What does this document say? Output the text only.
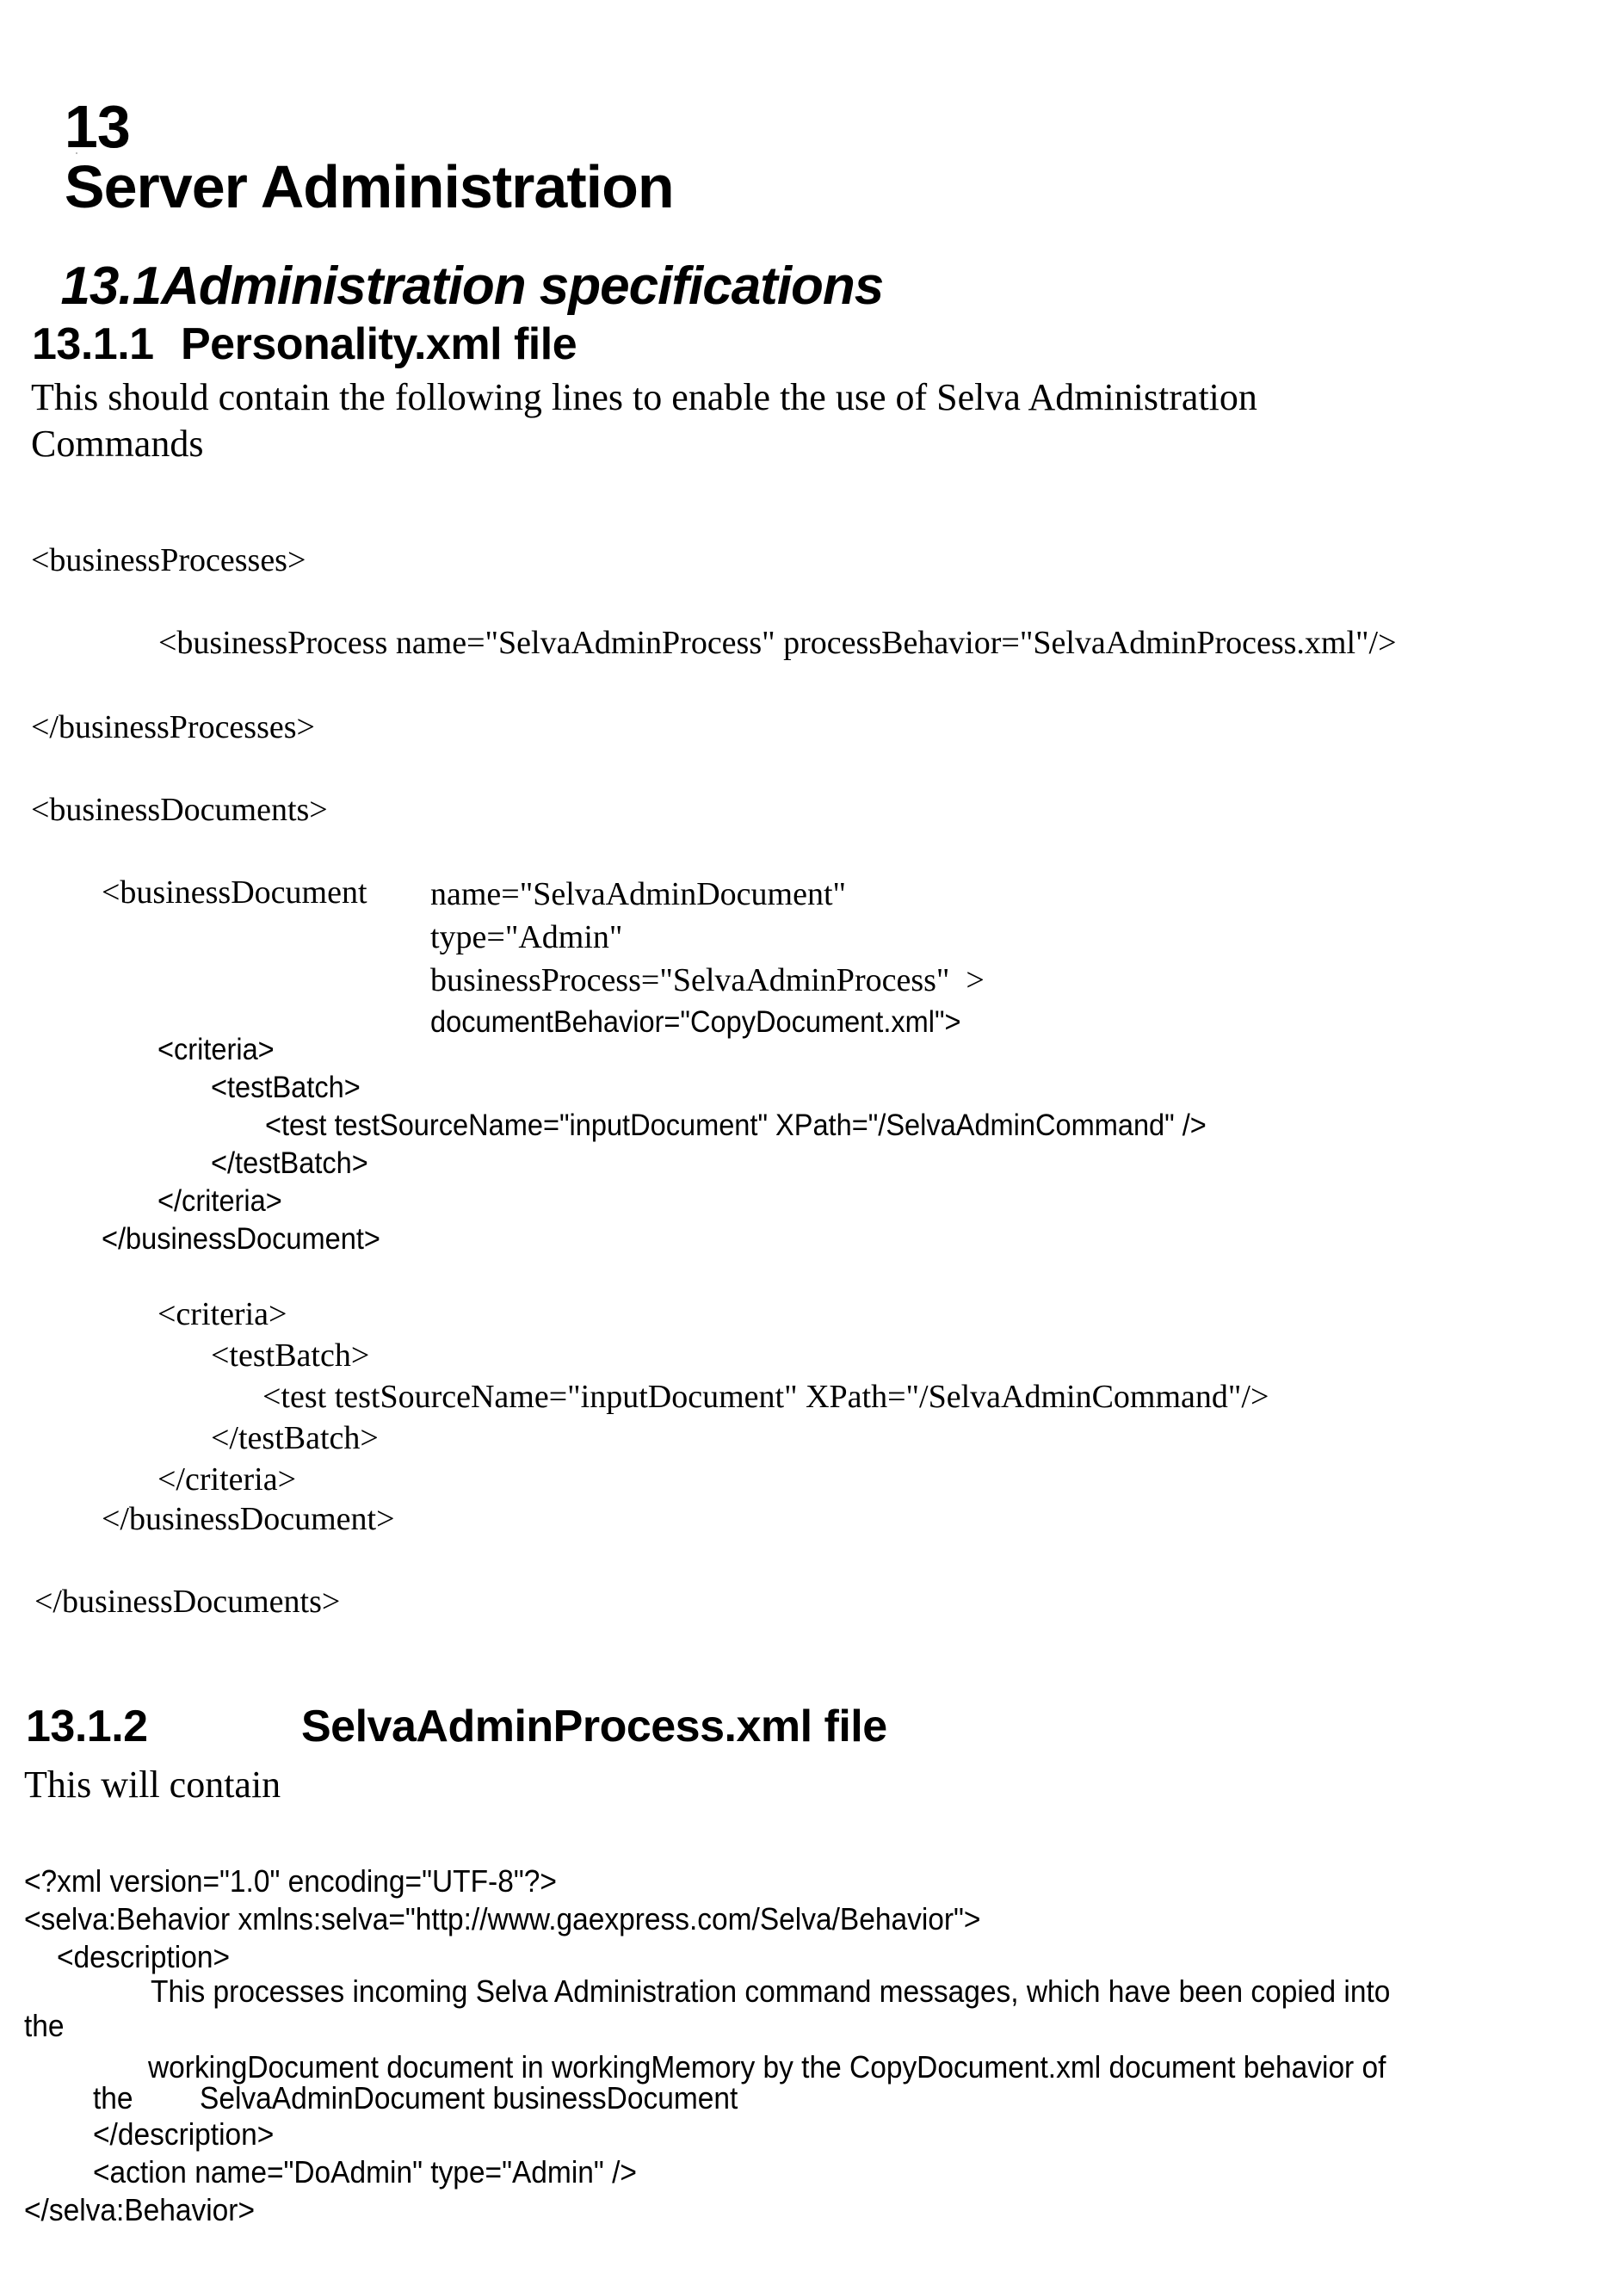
13
Server Administration

13.1Administration specifications

13.1.1 Personality.xml file
This should contain the following lines to enable the use of Selva Administration
Commands
<businessProcesses>
<businessProcess name="SelvaAdminProcess" processBehavior="SelvaAdminProcess.xml"/>
</businessProcesses>
<businessDocuments>
<businessDocument name="SelvaAdminDocument"
type="Admin"
businessProcess="SelvaAdminProcess"  >
documentBehavior="CopyDocument.xml">
<criteria>
<testBatch>
<test testSourceName="inputDocument" XPath="/SelvaAdminCommand" />
</testBatch>
</criteria>
</businessDocument>
<criteria>
<testBatch>
<test testSourceName="inputDocument" XPath="/SelvaAdminCommand"/>
</testBatch>
</criteria>
</businessDocument>
</businessDocuments>
13.1.2	SelvaAdminProcess.xml file
This will contain
<?xml version="1.0" encoding="UTF-8"?>
<selva:Behavior xmlns:selva="http://www.gaexpress.com/Selva/Behavior">
<description>
This processes incoming Selva Administration command messages, which have been copied into
the
workingDocument document in workingMemory by the CopyDocument.xml document behavior of
the SelvaAdminDocument businessDocument
</description>
<action name="DoAdmin" type="Admin" />
</selva:Behavior>
